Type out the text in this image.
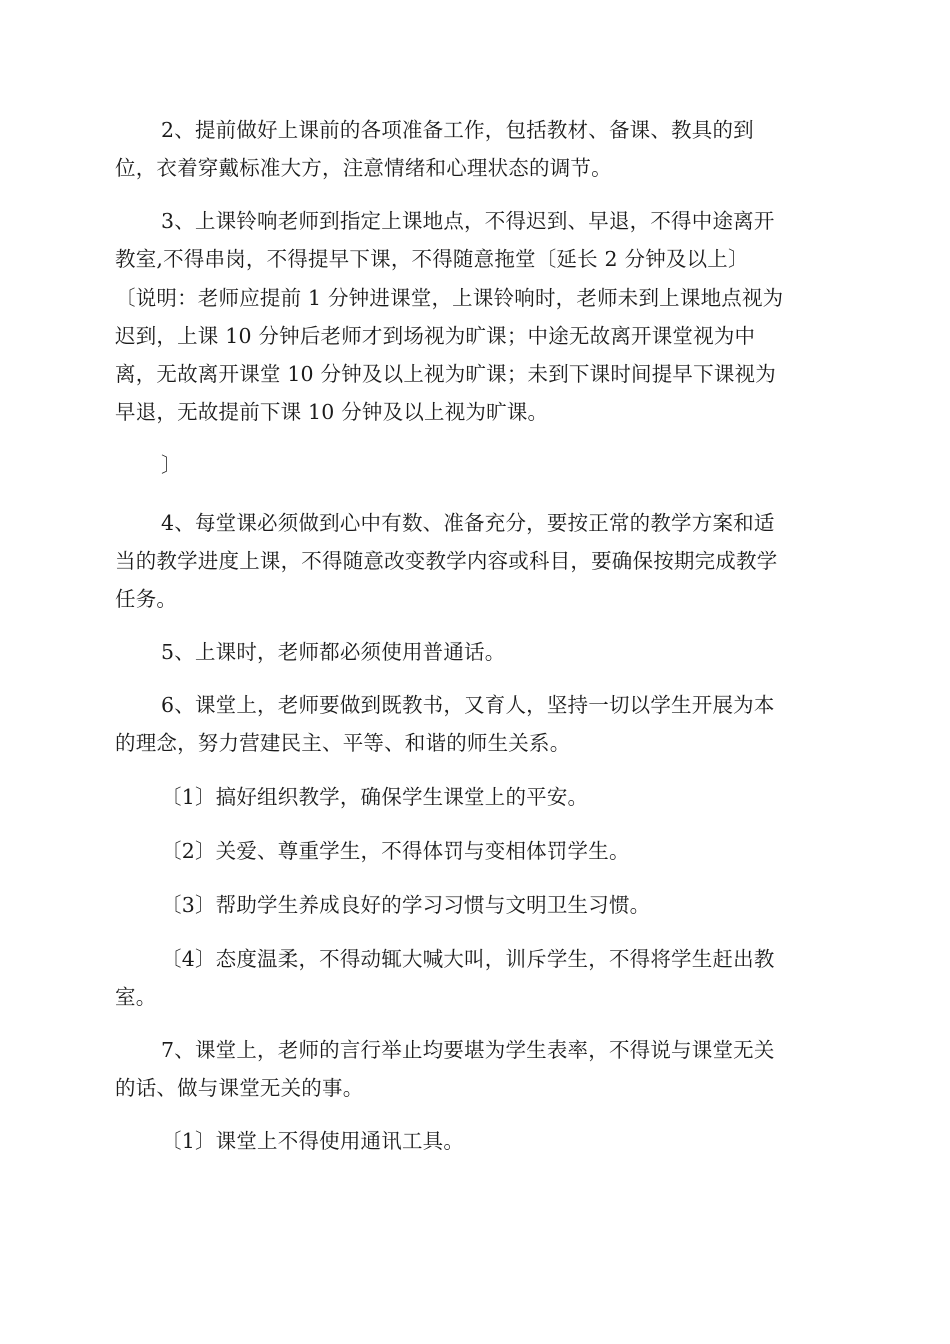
2、提前做好上课前的各项准备工作，包括教材、备课、教具的到
位，衣着穿戴标准大方，注意情绪和心理状态的调节。
3、上课铃响老师到指定上课地点，不得迟到、早退，不得中途离开
教室,不得串岗，不得提早下课，不得随意拖堂〔延长 2 分钟及以上〕
〔说明：老师应提前 1 分钟进课堂，上课铃响时，老师未到上课地点视为
迟到，上课 10 分钟后老师才到场视为旷课；中途无故离开课堂视为中
离，无故离开课堂 10 分钟及以上视为旷课；未到下课时间提早下课视为
早退，无故提前下课 10 分钟及以上视为旷课。
〕
4、每堂课必须做到心中有数、准备充分，要按正常的教学方案和适
当的教学进度上课，不得随意改变教学内容或科目，要确保按期完成教学
任务。
5、上课时，老师都必须使用普通话。
6、课堂上，老师要做到既教书，又育人，坚持一切以学生开展为本
的理念，努力营建民主、平等、和谐的师生关系。
〔1〕搞好组织教学，确保学生课堂上的平安。
〔2〕关爱、尊重学生，不得体罚与变相体罚学生。
〔3〕帮助学生养成良好的学习习惯与文明卫生习惯。
〔4〕态度温柔，不得动辄大喊大叫，训斥学生，不得将学生赶出教
室。
7、课堂上，老师的言行举止均要堪为学生表率，不得说与课堂无关
的话、做与课堂无关的事。
〔1〕课堂上不得使用通讯工具。
